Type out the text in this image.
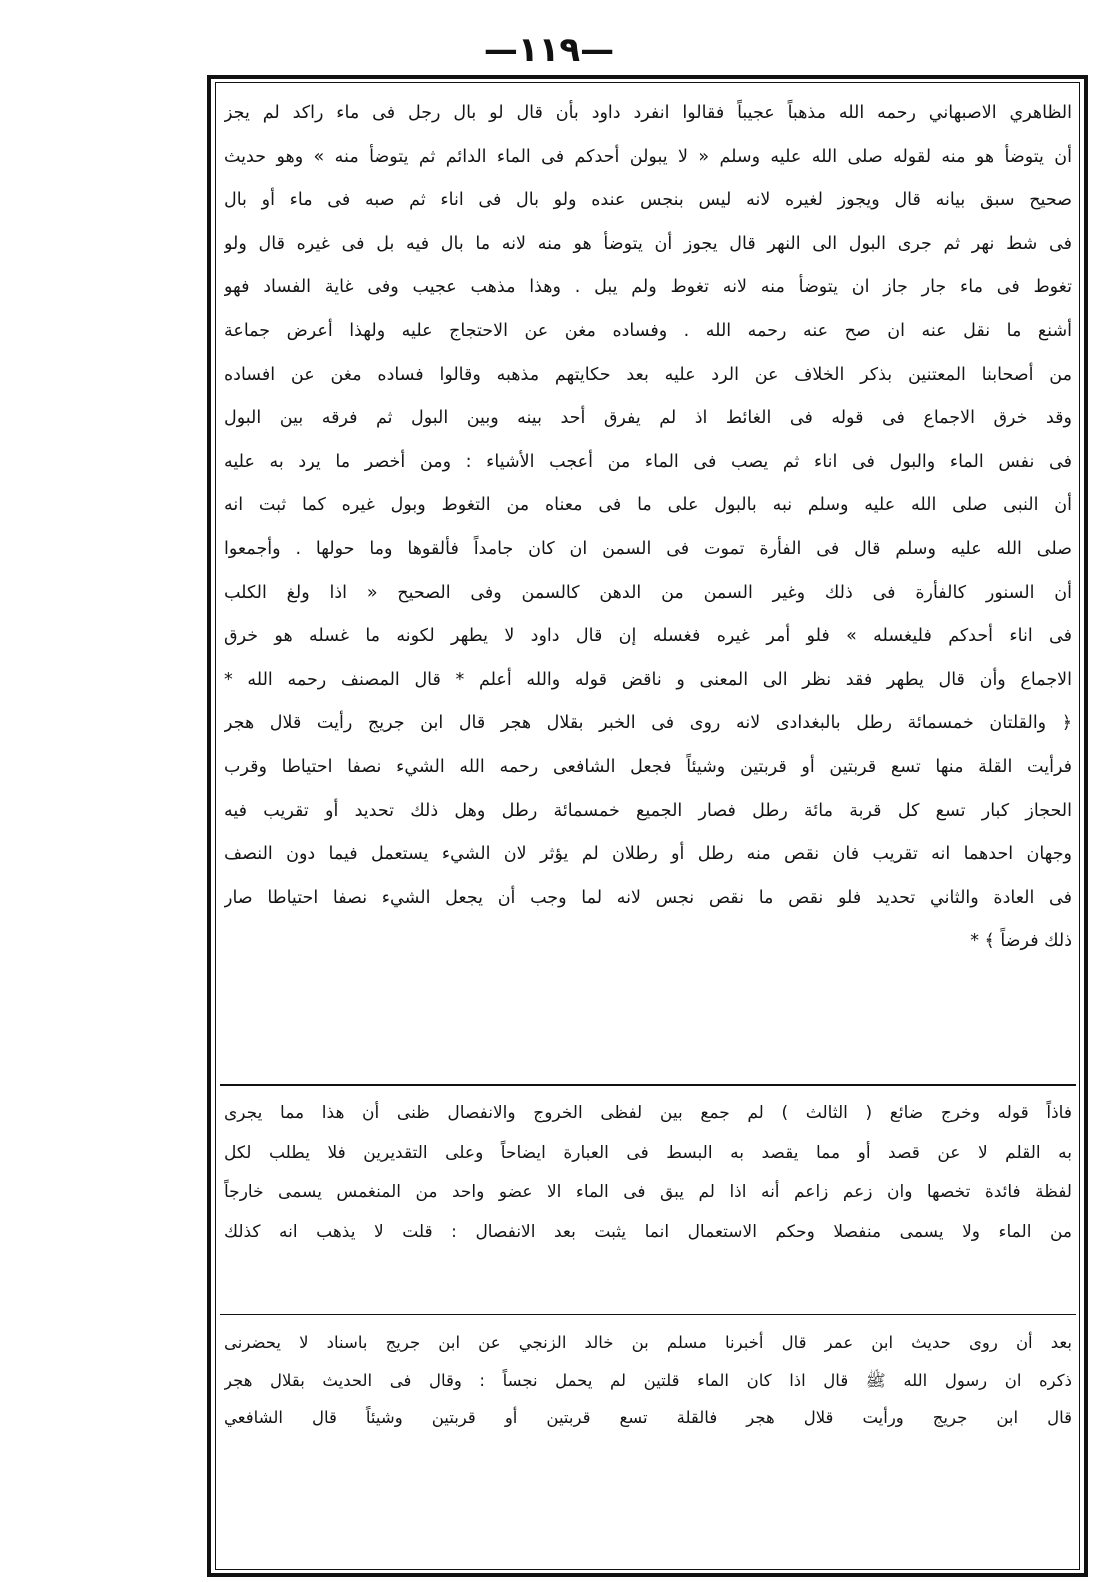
—١١٩—
الظاهري الاصبهاني رحمه الله مذهباً عجيباً فقالوا انفرد داود بأن قال لو بال رجل فى ماء راكد لم يجز
أن يتوضأ هو منه لقوله صلى الله عليه وسلم « لا يبولن أحدكم فى الماء الدائم ثم يتوضأ منه » وهو حديث
صحيح سبق بيانه قال ويجوز لغيره لانه ليس بنجس عنده ولو بال فى اناء ثم صبه فى ماء أو بال
فى شط نهر ثم جرى البول الى النهر قال يجوز أن يتوضأ هو منه لانه ما بال فيه بل فى غيره قال ولو
تغوط فى ماء جار جاز ان يتوضأ منه لانه تغوط ولم يبل . وهذا مذهب عجيب وفى غاية الفساد فهو
أشنع ما نقل عنه ان صح عنه رحمه الله . وفساده مغن عن الاحتجاج عليه ولهذا أعرض جماعة
من أصحابنا المعتنين بذكر الخلاف عن الرد عليه بعد حكايتهم مذهبه وقالوا فساده مغن عن افساده
وقد خرق الاجماع فى قوله فى الغائط اذ لم يفرق أحد بينه وبين البول ثم فرقه بين البول
فى نفس الماء والبول فى اناء ثم يصب فى الماء من أعجب الأشياء : ومن أخصر ما يرد به عليه
أن النبى صلى الله عليه وسلم نبه بالبول على ما فى معناه من التغوط وبول غيره كما ثبت انه
صلى الله عليه وسلم قال فى الفأرة تموت فى السمن ان كان جامداً فألقوها وما حولها . وأجمعوا
أن السنور كالفأرة فى ذلك وغير السمن من الدهن كالسمن وفى الصحيح « اذا ولغ الكلب
فى اناء أحدكم فليغسله » فلو أمر غيره فغسله إن قال داود لا يطهر لكونه ما غسله هو خرق
الاجماع وأن قال يطهر فقد نظر الى المعنى و ناقض قوله والله أعلم * قال المصنف رحمه الله *
﴿ والقلتان خمسمائة رطل بالبغدادى لانه روى فى الخبر بقلال هجر قال ابن جريج رأيت قلال هجر
فرأيت القلة منها تسع قربتين أو قربتين وشيئاً فجعل الشافعى رحمه الله الشيء نصفا احتياطا وقرب
الحجاز كبار تسع كل قربة مائة رطل فصار الجميع خمسمائة رطل وهل ذلك تحديد أو تقريب فيه
وجهان احدهما انه تقريب فان نقص منه رطل أو رطلان لم يؤثر لان الشيء يستعمل فيما دون النصف
فى العادة والثاني تحديد فلو نقص ما نقص نجس لانه لما وجب أن يجعل الشيء نصفا احتياطا صار
ذلك فرضاً ﴾ *
فاذاً قوله وخرج ضائع ( الثالث ) لم جمع بين لفظى الخروج والانفصال ظنى أن هذا مما يجرى
به القلم لا عن قصد أو مما يقصد به البسط فى العبارة ايضاحاً وعلى التقديرين فلا يطلب لكل
لفظة فائدة تخصها وان زعم زاعم أنه اذا لم يبق فى الماء الا عضو واحد من المنغمس يسمى خارجاً
من الماء ولا يسمى منفصلا وحكم الاستعمال انما يثبت بعد الانفصال : قلت لا يذهب انه كذلك
بعد أن روى حديث ابن عمر قال أخبرنا مسلم بن خالد الزنجي عن ابن جريج باسناد لا يحضرنى
ذكره ان رسول الله ﷺ قال اذا كان الماء قلتين لم يحمل نجساً : وقال فى الحديث بقلال هجر
قال ابن جريج ورأيت قلال هجر فالقلة تسع قربتين أو قربتين وشيئاً قال الشافعي
